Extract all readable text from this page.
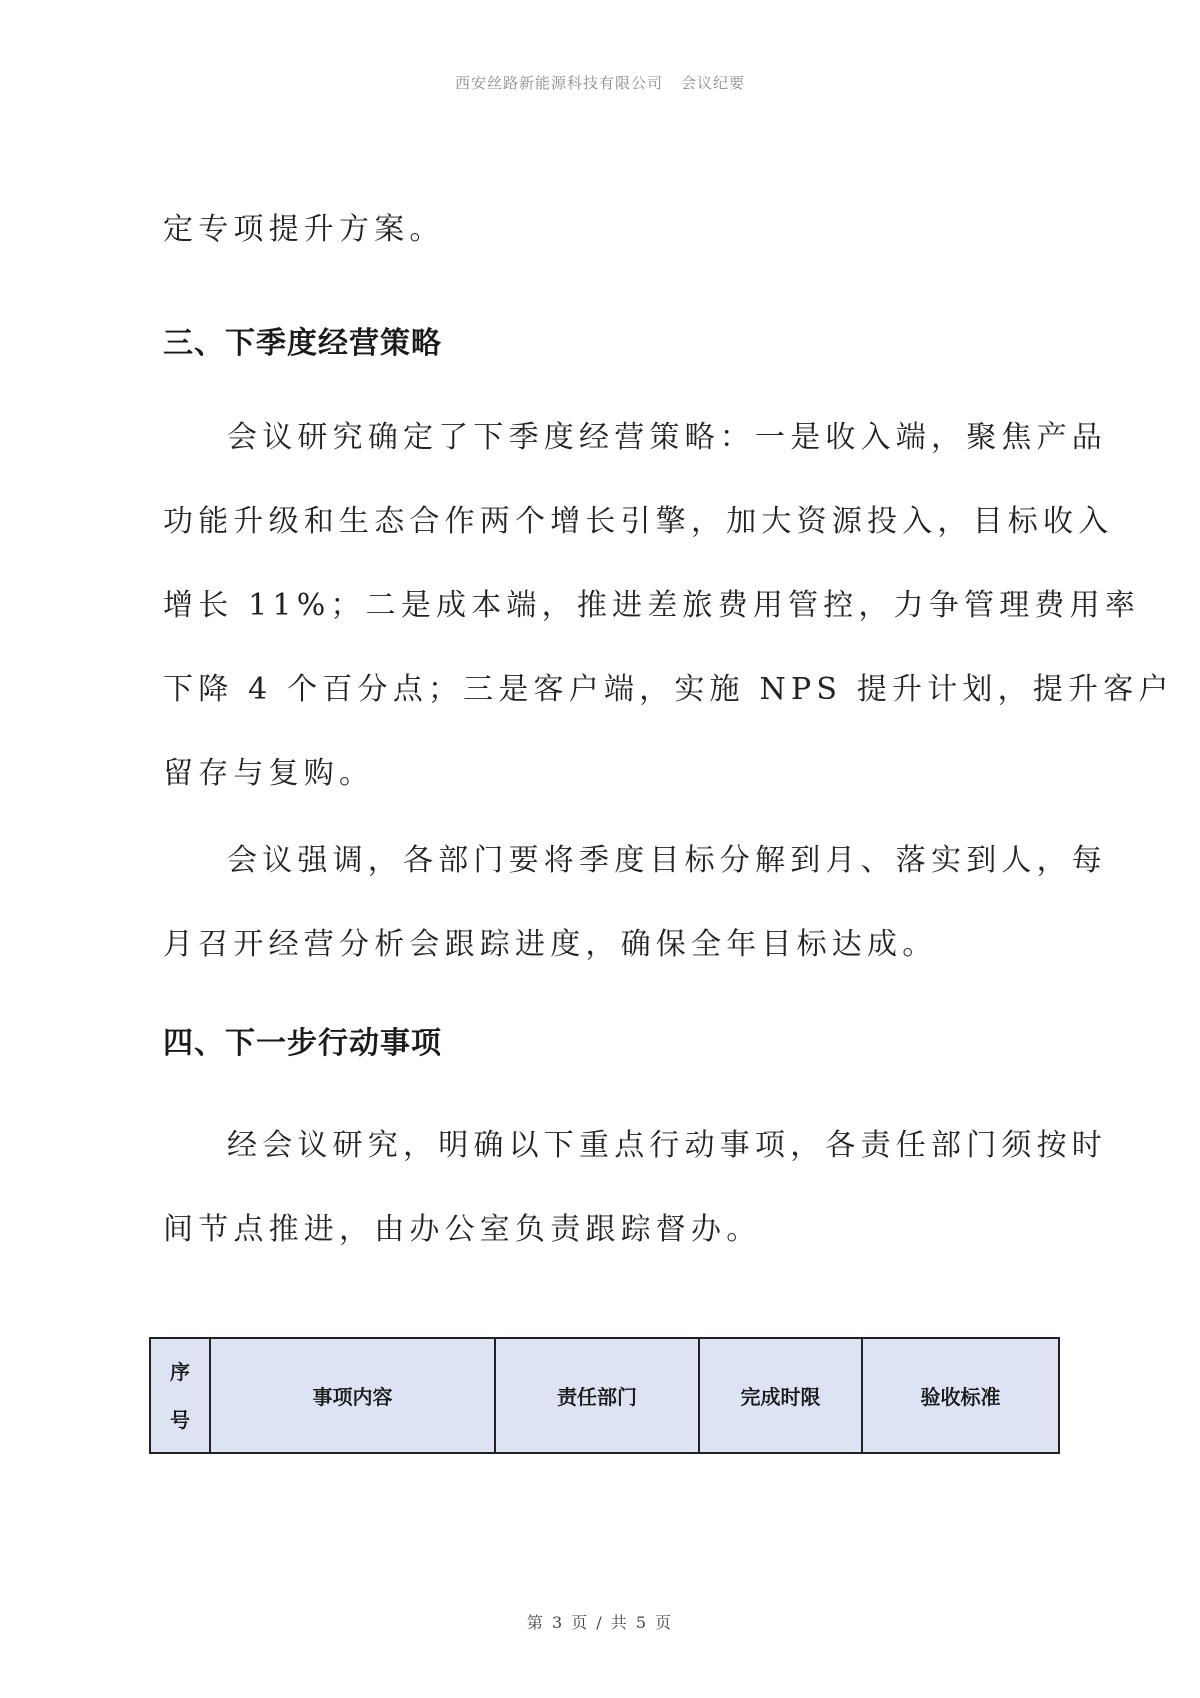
西安丝路新能源科技有限公司 会议纪要
定专项提升方案。
三、下季度经营策略
会议研究确定了下季度经营策略：一是收入端，聚焦产品
功能升级和生态合作两个增长引擎，加大资源投入，目标收入
增长 11%；二是成本端，推进差旅费用管控，力争管理费用率
下降 4 个百分点；三是客户端，实施 NPS 提升计划，提升客户
留存与复购。
会议强调，各部门要将季度目标分解到月、落实到人，每
月召开经营分析会跟踪进度，确保全年目标达成。
四、下一步行动事项
经会议研究，明确以下重点行动事项，各责任部门须按时
间节点推进，由办公室负责跟踪督办。
序
号
	事项内容	责任部门	完成时限	验收标准
第 3 页 / 共 5 页
